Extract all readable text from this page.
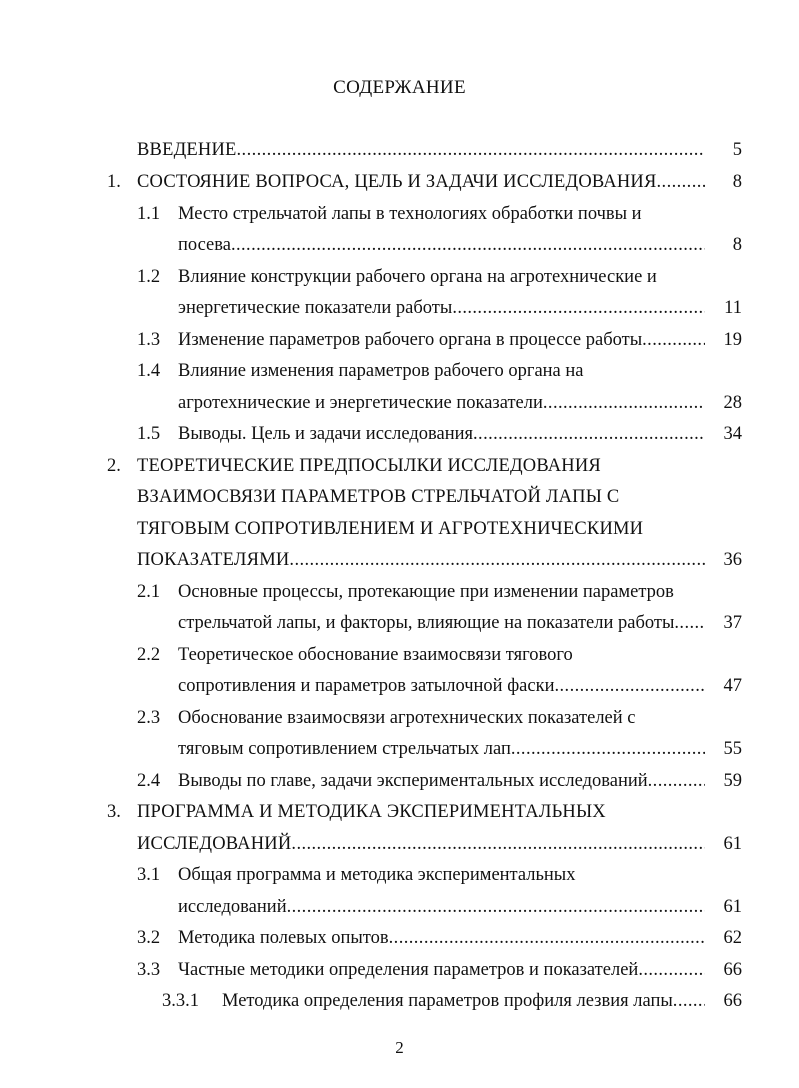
СОДЕРЖАНИЕ
ВВЕДЕНИЕ .....	5
1. СОСТОЯНИЕ ВОПРОСА, ЦЕЛЬ И ЗАДАЧИ ИССЛЕДОВАНИЯ .....	8
1.1 Место стрельчатой лапы в технологиях обработки почвы и
посева .....	8
1.2 Влияние конструкции рабочего органа на агротехнические и
энергетические показатели работы .....	11
1.3 Изменение параметров рабочего органа в процессе работы .....	19
1.4 Влияние изменения параметров рабочего органа на
агротехнические и энергетические показатели .....	28
1.5 Выводы. Цель и задачи исследования .....	34
2. ТЕОРЕТИЧЕСКИЕ ПРЕДПОСЫЛКИ ИССЛЕДОВАНИЯ
ВЗАИМОСВЯЗИ ПАРАМЕТРОВ СТРЕЛЬЧАТОЙ ЛАПЫ С
ТЯГОВЫМ СОПРОТИВЛЕНИЕМ И АГРОТЕХНИЧЕСКИМИ
ПОКАЗАТЕЛЯМИ .....	36
2.1 Основные процессы, протекающие при изменении параметров
стрельчатой лапы, и факторы, влияющие на показатели работы .....	37
2.2 Теоретическое обоснование взаимосвязи тягового
сопротивления и параметров затылочной фаски .....	47
2.3 Обоснование взаимосвязи агротехнических показателей с
тяговым сопротивлением стрельчатых лап .....	55
2.4 Выводы по главе, задачи экспериментальных исследований .....	59
3. ПРОГРАММА И МЕТОДИКА ЭКСПЕРИМЕНТАЛЬНЫХ
ИССЛЕДОВАНИЙ .....	61
3.1 Общая программа и методика экспериментальных
исследований .....	61
3.2 Методика полевых опытов .....	62
3.3 Частные методики определения параметров и показателей .....	66
3.3.1 Методика определения параметров профиля лезвия лапы .....	66
2
